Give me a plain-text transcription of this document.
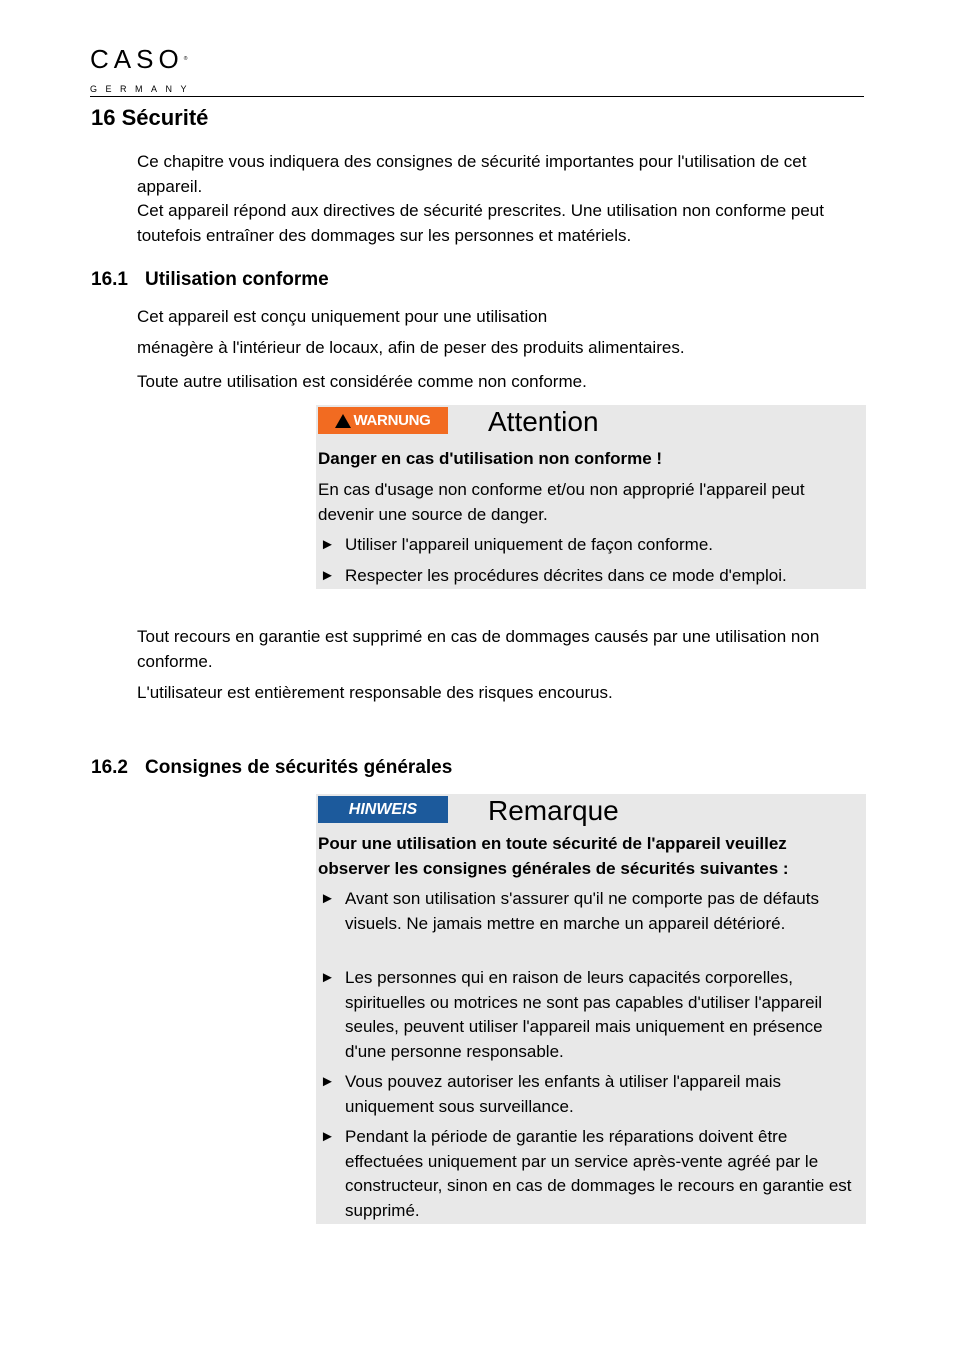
CASO®
GERMANY
16 Sécurité

Ce chapitre vous indiquera des consignes de sécurité importantes pour l'utilisation de cet appareil.

Cet appareil répond aux directives de sécurité prescrites. Une utilisation non conforme peut toutefois entraîner des dommages sur les personnes et matériels.

16.1 Utilisation conforme

Cet appareil est conçu uniquement pour une utilisation

ménagère à l'intérieur de locaux, afin de peser des produits alimentaires.

Toute autre utilisation est considérée comme non conforme.

WARNUNG Attention
Danger en cas d'utilisation non conforme !
En cas d'usage non conforme et/ou non approprié l'appareil peut devenir une source de danger.
► Utiliser l'appareil uniquement de façon conforme.
► Respecter les procédures décrites dans ce mode d'emploi.

Tout recours en garantie est supprimé en cas de dommages causés par une utilisation non conforme.

L'utilisateur est entièrement responsable des risques encourus.

16.2 Consignes de sécurités générales
HINWEIS	Remarque
Pour une utilisation en toute sécurité de l'appareil veuillez observer les consignes générales de sécurités suivantes :
► Avant son utilisation s'assurer qu'il ne comporte pas de défauts visuels. Ne jamais mettre en marche un appareil détérioré.
► Les personnes qui en raison de leurs capacités corporelles, spirituelles ou motrices ne sont pas capables d'utiliser l'appareil seules, peuvent utiliser l'appareil mais uniquement en présence d'une personne responsable.
► Vous pouvez autoriser les enfants à utiliser l'appareil mais uniquement sous surveillance.
► Pendant la période de garantie les réparations doivent être effectuées uniquement par un service après-vente agréé par le constructeur, sinon en cas de dommages le recours en garantie est supprimé.
